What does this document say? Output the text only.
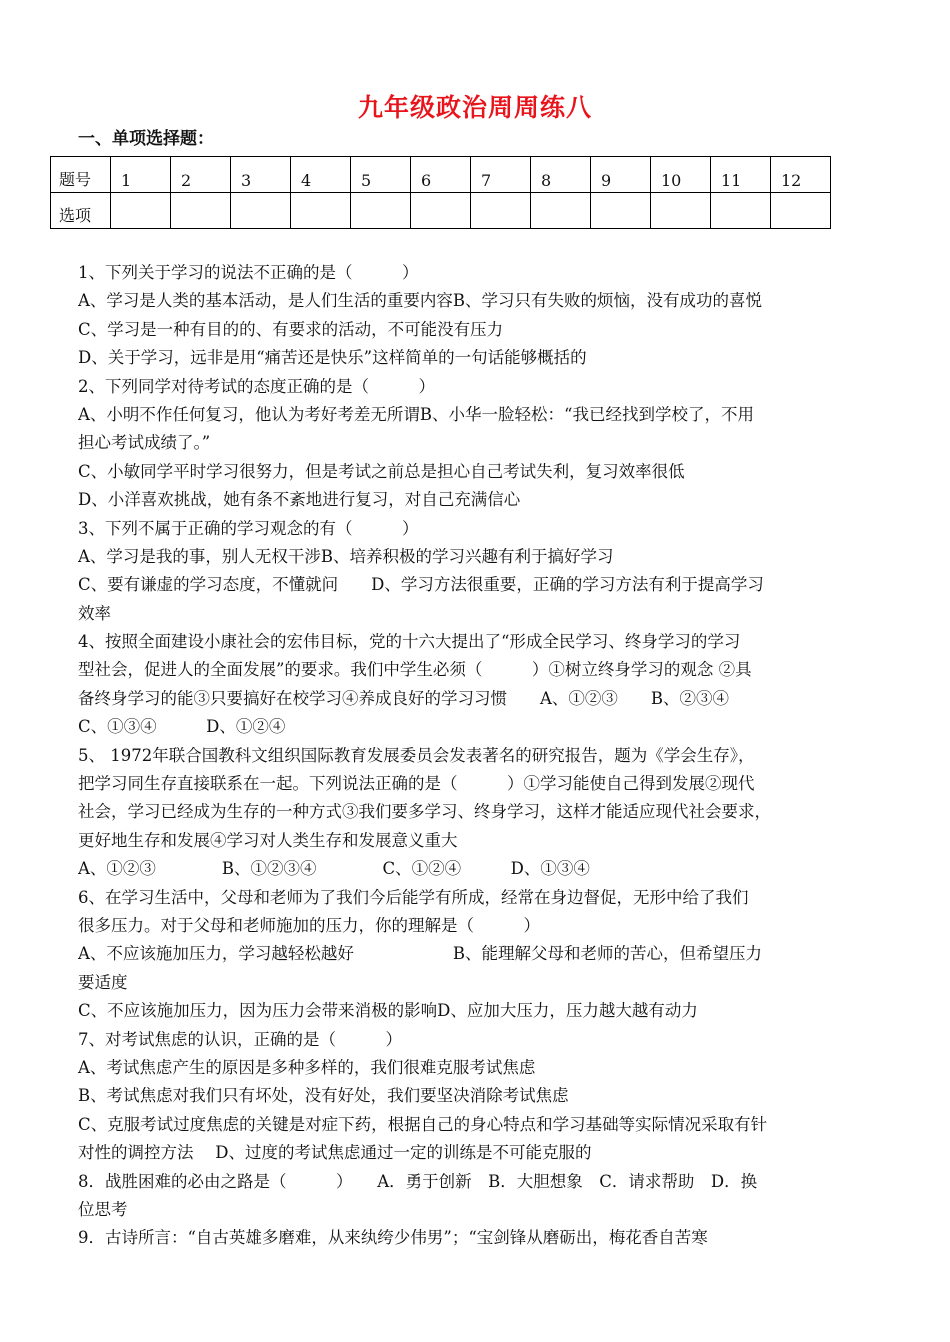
九年级政治周周练八
一、单项选择题：
题号	1	2	3	4	5	6	7	8	9	10	11	12
选项												
1、下列关于学习的说法不正确的是（　　　）
A、学习是人类的基本活动，是人们生活的重要内容B、学习只有失败的烦恼，没有成功的喜悦
C、学习是一种有目的的、有要求的活动，不可能没有压力
D、关于学习，远非是用“痛苦还是快乐”这样简单的一句话能够概括的
2、下列同学对待考试的态度正确的是（　　　）
A、小明不作任何复习，他认为考好考差无所谓B、小华一脸轻松：“我已经找到学校了，不用
担心考试成绩了。”
C、小敏同学平时学习很努力，但是考试之前总是担心自己考试失利，复习效率很低
D、小洋喜欢挑战，她有条不紊地进行复习，对自己充满信心
3、下列不属于正确的学习观念的有（　　　）
A、学习是我的事，别人无权干涉B、培养积极的学习兴趣有利于搞好学习
C、要有谦虚的学习态度，不懂就问　　D、学习方法很重要，正确的学习方法有利于提高学习
效率
4、按照全面建设小康社会的宏伟目标，党的十六大提出了“形成全民学习、终身学习的学习
型社会，促进人的全面发展”的要求。我们中学生必须（　　　）①树立终身学习的观念 ②具
备终身学习的能③只要搞好在校学习④养成良好的学习习惯　　A、①②③　　B、②③④
C、①③④　　　D、①②④
5、 1972年联合国教科文组织国际教育发展委员会发表著名的研究报告，题为《学会生存》，
把学习同生存直接联系在一起。下列说法正确的是（　　　）①学习能使自己得到发展②现代
社会，学习已经成为生存的一种方式③我们要多学习、终身学习，这样才能适应现代社会要求，
更好地生存和发展④学习对人类生存和发展意义重大
A、①②③　　　　B、①②③④　　　　C、①②④　　　D、①③④
6、在学习生活中，父母和老师为了我们今后能学有所成，经常在身边督促，无形中给了我们
很多压力。对于父母和老师施加的压力，你的理解是（　　　）
A、不应该施加压力，学习越轻松越好　　　　　　B、能理解父母和老师的苦心，但希望压力
要适度
C、不应该施加压力，因为压力会带来消极的影响D、应加大压力，压力越大越有动力
7、对考试焦虑的认识，正确的是（　　　）
A、考试焦虑产生的原因是多种多样的，我们很难克服考试焦虑
B、考试焦虑对我们只有坏处，没有好处，我们要坚决消除考试焦虑
C、克服考试过度焦虑的关键是对症下药，根据自己的身心特点和学习基础等实际情况采取有针
对性的调控方法　 D、过度的考试焦虑通过一定的训练是不可能克服的
8．战胜困难的必由之路是（　　　）　　A．勇于创新　B．大胆想象　C．请求帮助　D．换
位思考
9．古诗所言：“自古英雄多磨难，从来纨绔少伟男”；“宝剑锋从磨砺出，梅花香自苦寒
